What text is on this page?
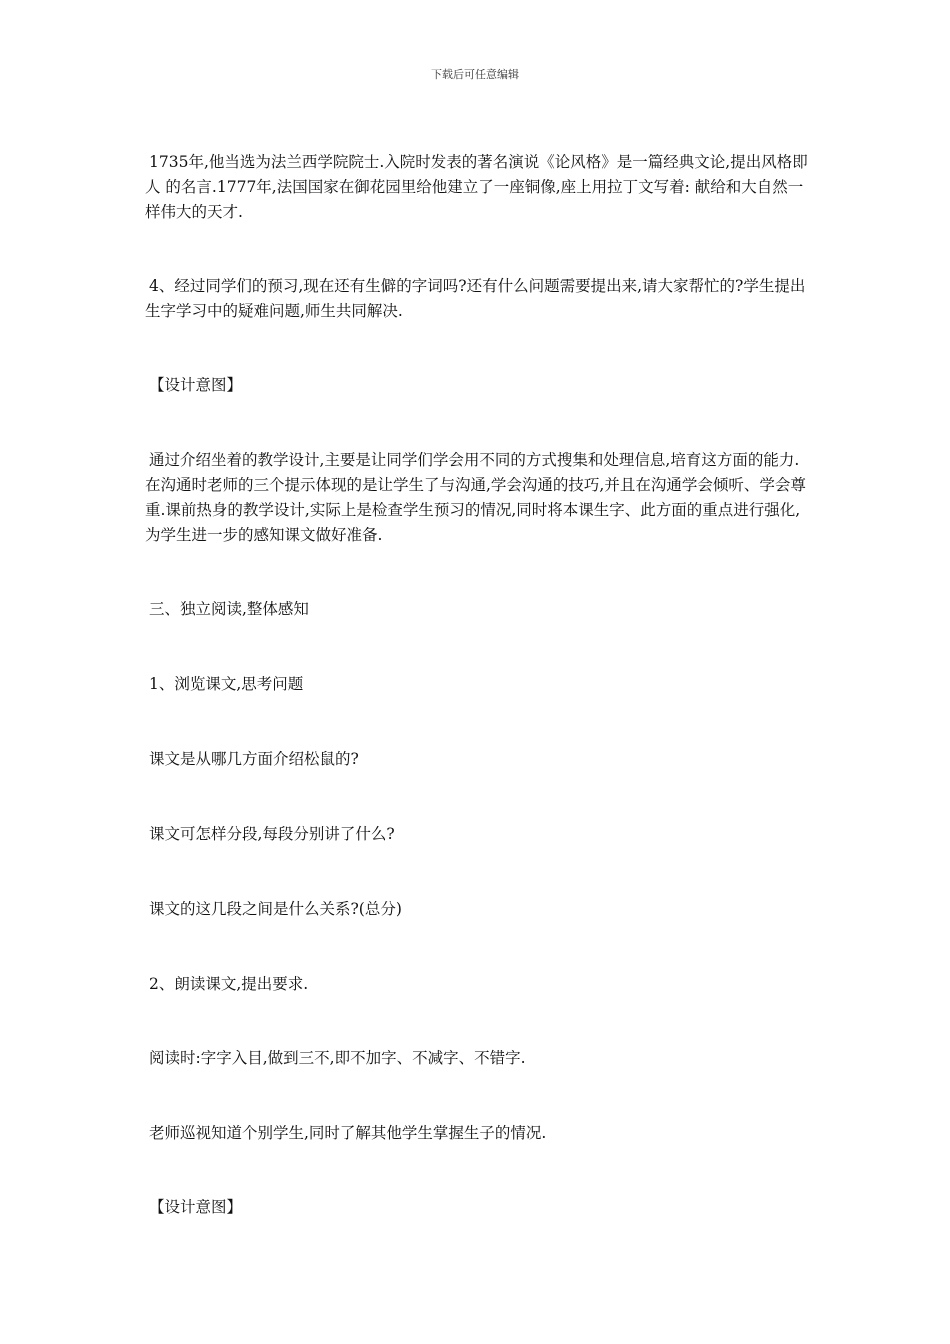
下载后可任意编辑

1735年,他当选为法兰西学院院士.入院时发表的著名演说《论风格》是一篇经典文论,提出风格即人 的名言.1777年,法国国家在御花园里给他建立了一座铜像,座上用拉丁文写着: 献给和大自然一样伟大的天才.

4、经过同学们的预习,现在还有生僻的字词吗?还有什么问题需要提出来,请大家帮忙的?学生提出生字学习中的疑难问题,师生共同解决.

【设计意图】

通过介绍坐着的教学设计,主要是让同学们学会用不同的方式搜集和处理信息,培育这方面的能力.在沟通时老师的三个提示体现的是让学生了与沟通,学会沟通的技巧,并且在沟通学会倾听、学会尊重.课前热身的教学设计,实际上是检查学生预习的情况,同时将本课生字、此方面的重点进行强化,为学生进一步的感知课文做好准备.

三、独立阅读,整体感知

1、浏览课文,思考问题

课文是从哪几方面介绍松鼠的?

课文可怎样分段,每段分别讲了什么?

课文的这几段之间是什么关系?(总分)

2、朗读课文,提出要求.

阅读时:字字入目,做到三不,即不加字、不减字、不错字.

老师巡视知道个别学生,同时了解其他学生掌握生子的情况.

【设计意图】
